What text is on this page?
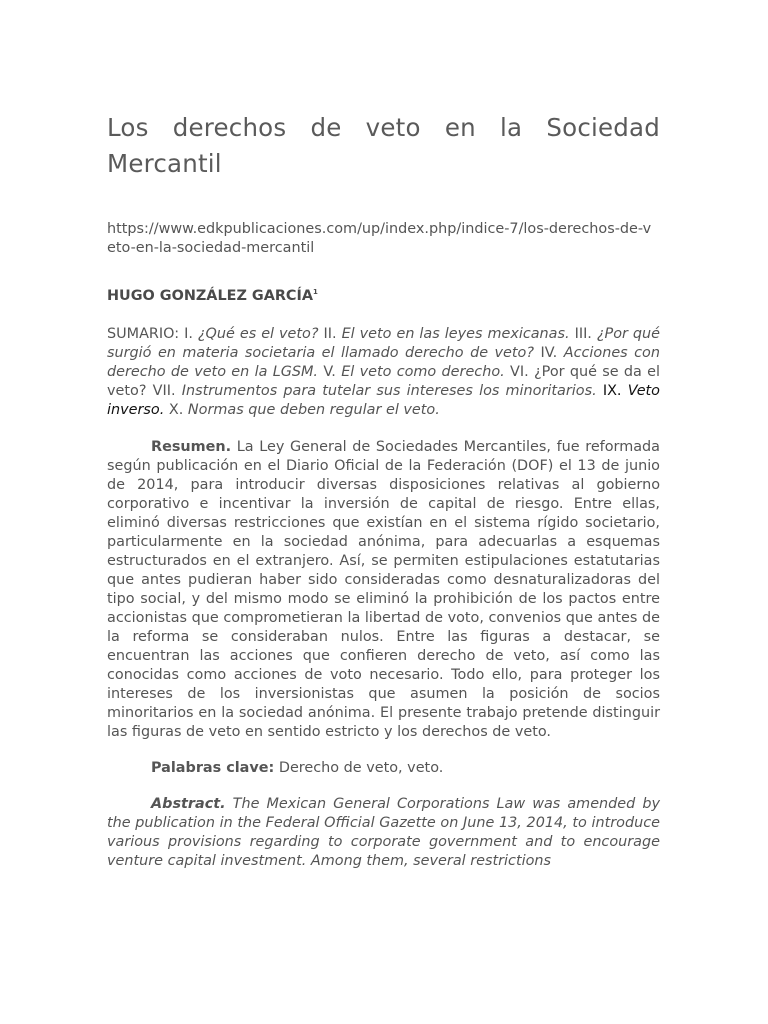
Los derechos de veto en la Sociedad Mercantil
https://www.edkpublicaciones.com/up/index.php/indice-7/los-derechos-de-veto-en-la-sociedad-mercantil
HUGO GONZÁLEZ GARCÍA$^1$
SUMARIO: I. ¿Qué es el veto? II. El veto en las leyes mexicanas. III. ¿Por qué surgió en materia societaria el llamado derecho de veto? IV. Acciones con derecho de veto en la LGSM. V. El veto como derecho. VI. ¿Por qué se da el veto? VII. Instrumentos para tutelar sus intereses los minoritarios. IX. Veto inverso. X. Normas que deben regular el veto.
Resumen. La Ley General de Sociedades Mercantiles, fue reformada según publicación en el Diario Oficial de la Federación (DOF) el 13 de junio de 2014, para introducir diversas disposiciones relativas al gobierno corporativo e incentivar la inversión de capital de riesgo. Entre ellas, eliminó diversas restricciones que existían en el sistema rígido societario, particularmente en la sociedad anónima, para adecuarlas a esquemas estructurados en el extranjero. Así, se permiten estipulaciones estatutarias que antes pudieran haber sido consideradas como desnaturalizadoras del tipo social, y del mismo modo se eliminó la prohibición de los pactos entre accionistas que comprometieran la libertad de voto, convenios que antes de la reforma se consideraban nulos. Entre las figuras a destacar, se encuentran las acciones que confieren derecho de veto, así como las conocidas como acciones de voto necesario. Todo ello, para proteger los intereses de los inversionistas que asumen la posición de socios minoritarios en la sociedad anónima. El presente trabajo pretende distinguir las figuras de veto en sentido estricto y los derechos de veto.
Palabras clave: Derecho de veto, veto.
Abstract. The Mexican General Corporations Law was amended by the publication in the Federal Official Gazette on June 13, 2014, to introduce various provisions regarding to corporate government and to encourage venture capital investment. Among them, several restrictions
